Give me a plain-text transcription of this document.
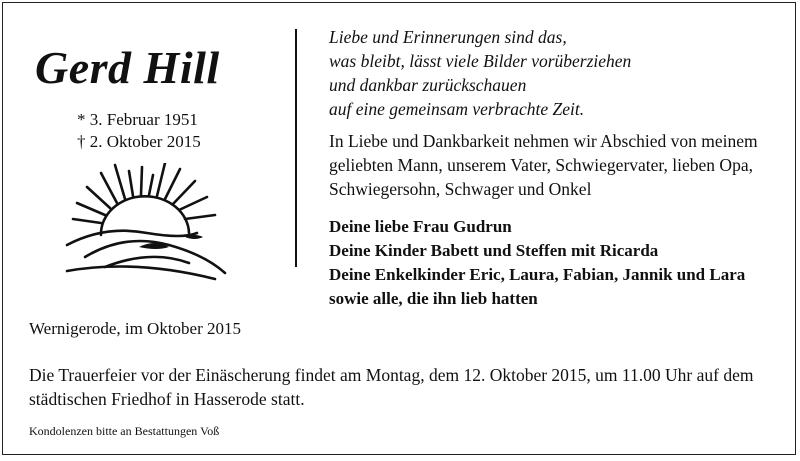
Gerd Hill
* 3. Februar 1951
† 2. Oktober 2015
Wernigerode, im Oktober 2015
Liebe und Erinnerungen sind das,
was bleibt, lässt viele Bilder vorüberziehen
und dankbar zurückschauen
auf eine gemeinsam verbrachte Zeit.
In Liebe und Dankbarkeit nehmen wir Abschied von meinem geliebten Mann, unserem Vater, Schwiegervater, lieben Opa, Schwiegersohn, Schwager und Onkel
Deine liebe Frau Gudrun
Deine Kinder Babett und Steffen mit Ricarda
Deine Enkelkinder Eric, Laura, Fabian, Jannik und Lara
sowie alle, die ihn lieb hatten
Die Trauerfeier vor der Einäscherung findet am Montag, dem 12. Oktober 2015, um 11.00 Uhr auf dem städtischen Friedhof in Hasserode statt.
Kondolenzen bitte an Bestattungen Voß
